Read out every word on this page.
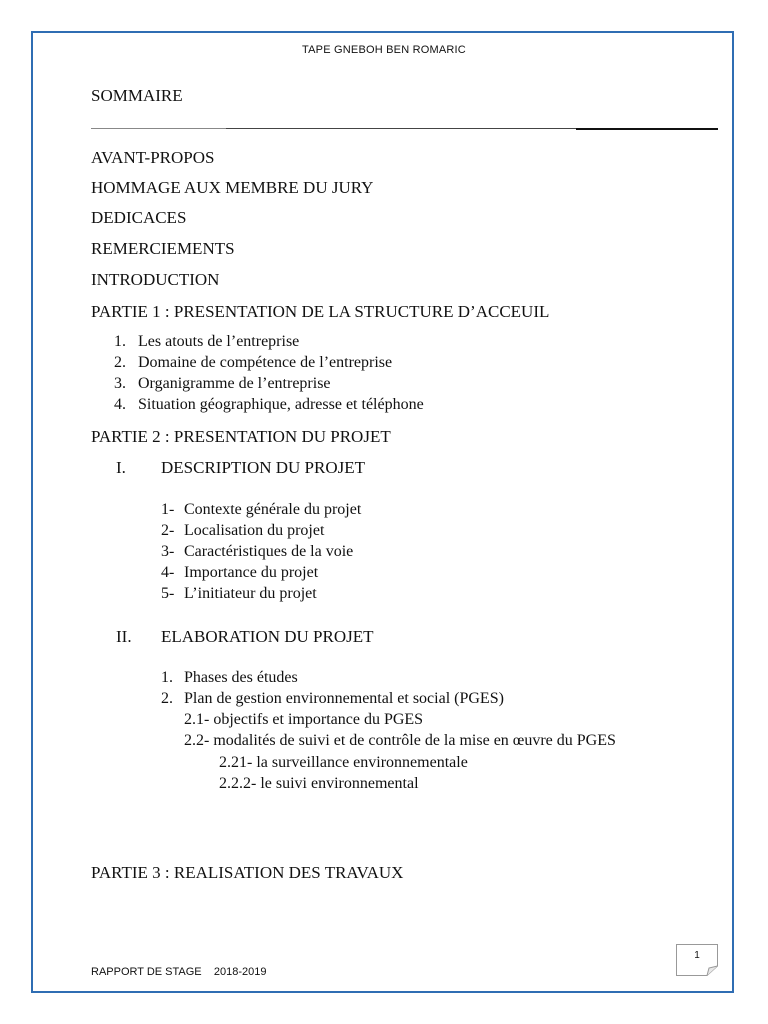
TAPE GNEBOH BEN ROMARIC
SOMMAIRE
AVANT-PROPOS
HOMMAGE AUX MEMBRE DU JURY
DEDICACES
REMERCIEMENTS
INTRODUCTION
PARTIE 1 : PRESENTATION DE LA STRUCTURE D’ACCEUIL
1. Les atouts de l’entreprise
2. Domaine de compétence de l’entreprise
3. Organigramme de l’entreprise
4. Situation géographique, adresse et téléphone
PARTIE 2 : PRESENTATION DU PROJET
I. DESCRIPTION DU PROJET
1- Contexte générale du projet
2- Localisation du projet
3- Caractéristiques de la voie
4- Importance du projet
5- L’initiateur du projet
II. ELABORATION DU PROJET
1. Phases des études
2. Plan de gestion environnemental et social (PGES)
2.1- objectifs et importance du PGES
2.2- modalités de suivi et de contrôle de la mise en œuvre du PGES
2.21- la surveillance environnementale
2.2.2- le suivi environnemental
PARTIE 3 : REALISATION DES TRAVAUX
1
RAPPORT DE STAGE 2018-2019
